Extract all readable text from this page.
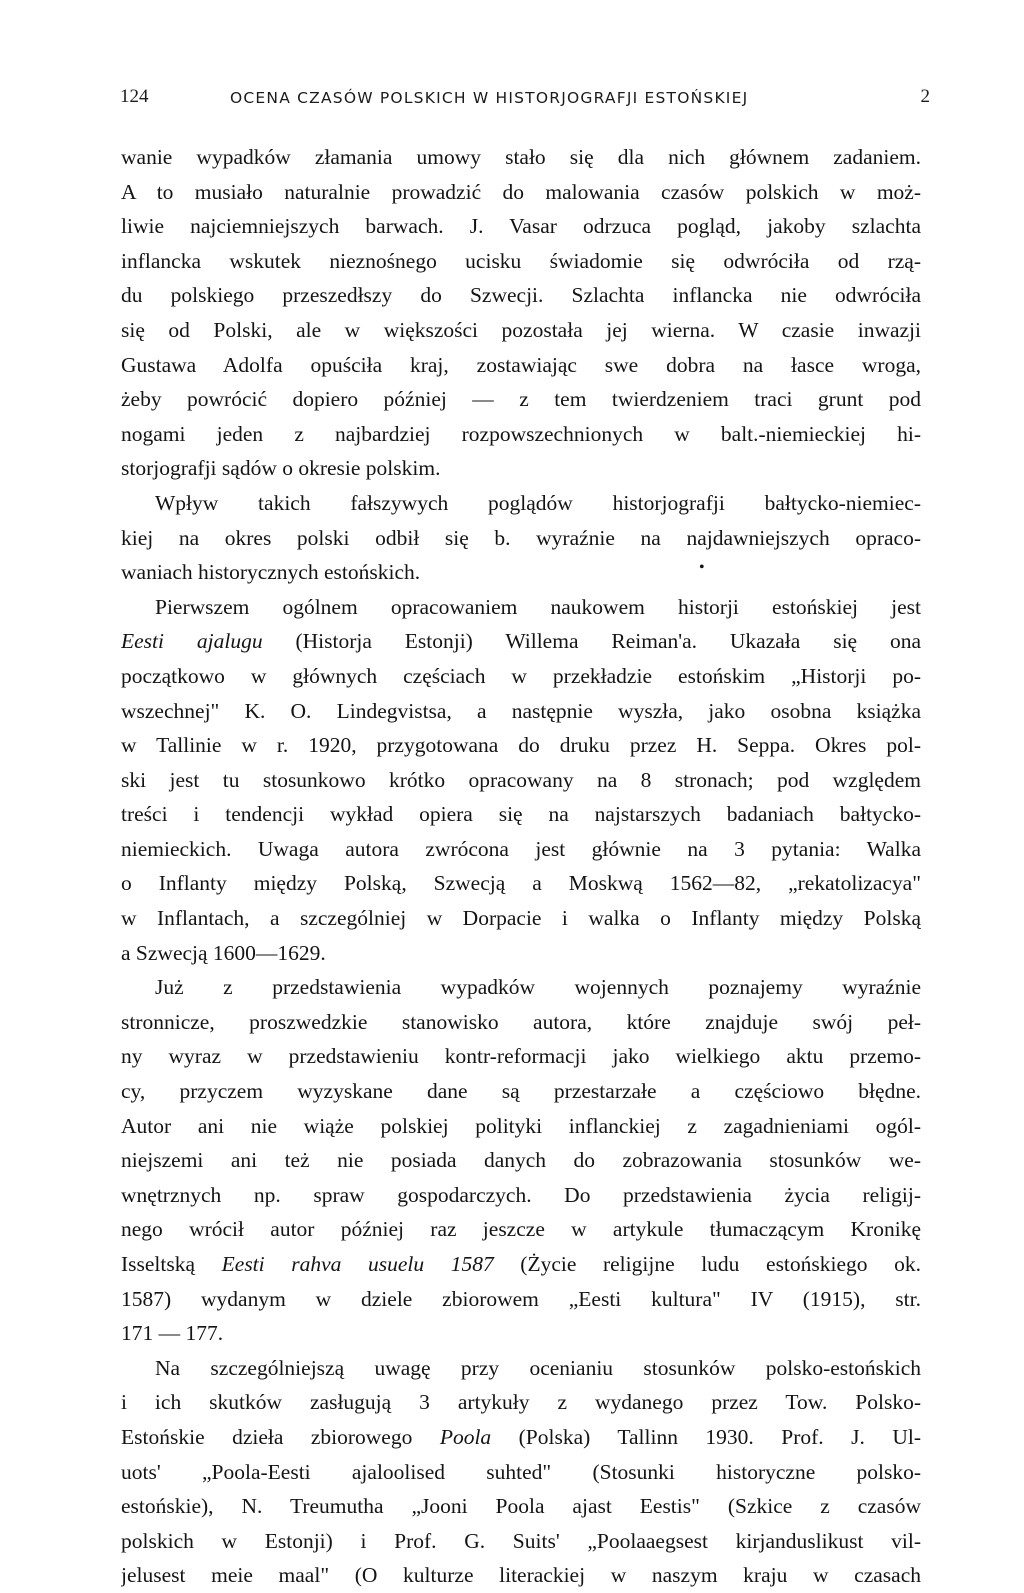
124	OCENA CZASÓW POLSKICH W HISTORJOGRAFJI ESTOŃSKIEJ	2
wanie wypadków złamania umowy stało się dla nich głównem zadaniem.
A to musiało naturalnie prowadzić do malowania czasów polskich w moż-
liwie najciemniejszych barwach. J. Vasar odrzuca pogląd, jakoby szlachta
inflancka wskutek nieznośnego ucisku świadomie się odwróciła od rzą-
du polskiego przeszedłszy do Szwecji. Szlachta inflancka nie odwróciła
się od Polski, ale w większości pozostała jej wierna. W czasie inwazji
Gustawa Adolfa opuściła kraj, zostawiając swe dobra na łasce wroga,
żeby powrócić dopiero później — z tem twierdzeniem traci grunt pod
nogami jeden z najbardziej rozpowszechnionych w balt.-niemieckiej hi-
storjografji sądów o okresie polskim.
Wpływ takich fałszywych poglądów historjografji bałtycko-niemiec-
kiej na okres polski odbił się b. wyraźnie na najdawniejszych opraco-
waniach historycznych estońskich.	•
Pierwszem ogólnem opracowaniem naukowem historji estońskiej jest
Eesti ajalugu (Historja Estonji) Willema Reiman'a. Ukazała się ona
początkowo w głównych częściach w przekładzie estońskim „Historji po-
wszechnej" K. O. Lindegvistsa, a następnie wyszła, jako osobna książka
w Tallinie w r. 1920, przygotowana do druku przez H. Seppa. Okres pol-
ski jest tu stosunkowo krótko opracowany na 8 stronach; pod względem
treści i tendencji wykład opiera się na najstarszych badaniach bałtycko-
niemieckich. Uwaga autora zwrócona jest głównie na 3 pytania: Walka
o Inflanty między Polską, Szwecją a Moskwą 1562—82, „rekatolizacya"
w Inflantach, a szczególniej w Dorpacie i walka o Inflanty między Polską
a Szwecją 1600—1629.
Już z przedstawienia wypadków wojennych poznajemy wyraźnie
stronnicze, proszwedzkie stanowisko autora, które znajduje swój peł-
ny wyraz w przedstawieniu kontr-reformacji jako wielkiego aktu przemo-
cy, przyczem wyzyskane dane są przestarzałe a częściowo błędne.
Autor ani nie wiąże polskiej polityki inflanckiej z zagadnieniami ogól-
niejszemi ani też nie posiada danych do zobrazowania stosunków we-
wnętrznych np. spraw gospodarczych. Do przedstawienia życia religij-
nego wrócił autor później raz jeszcze w artykule tłumaczącym Kronikę
Isseltską Eesti rahva usuelu 1587 (Życie religijne ludu estońskiego ok.
1587) wydanym w dziele zbiorowem „Eesti kultura" IV (1915), str.
171 — 177.
Na szczególniejszą uwagę przy ocenianiu stosunków polsko-estońskich
i ich skutków zasługują 3 artykuły z wydanego przez Tow. Polsko-
Estońskie dzieła zbiorowego Poola (Polska) Tallinn 1930. Prof. J. Ul-
uots' „Poola-Eesti ajaloolised suhted" (Stosunki historyczne polsko-
estońskie), N. Treumutha „Jooni Poola ajast Eestis" (Szkice z czasów
polskich w Estonji) i Prof. G. Suits' „Poolaaegsest kirjanduslikust vil-
jelusest meie maal" (O kulturze literackiej w naszym kraju w czasach
